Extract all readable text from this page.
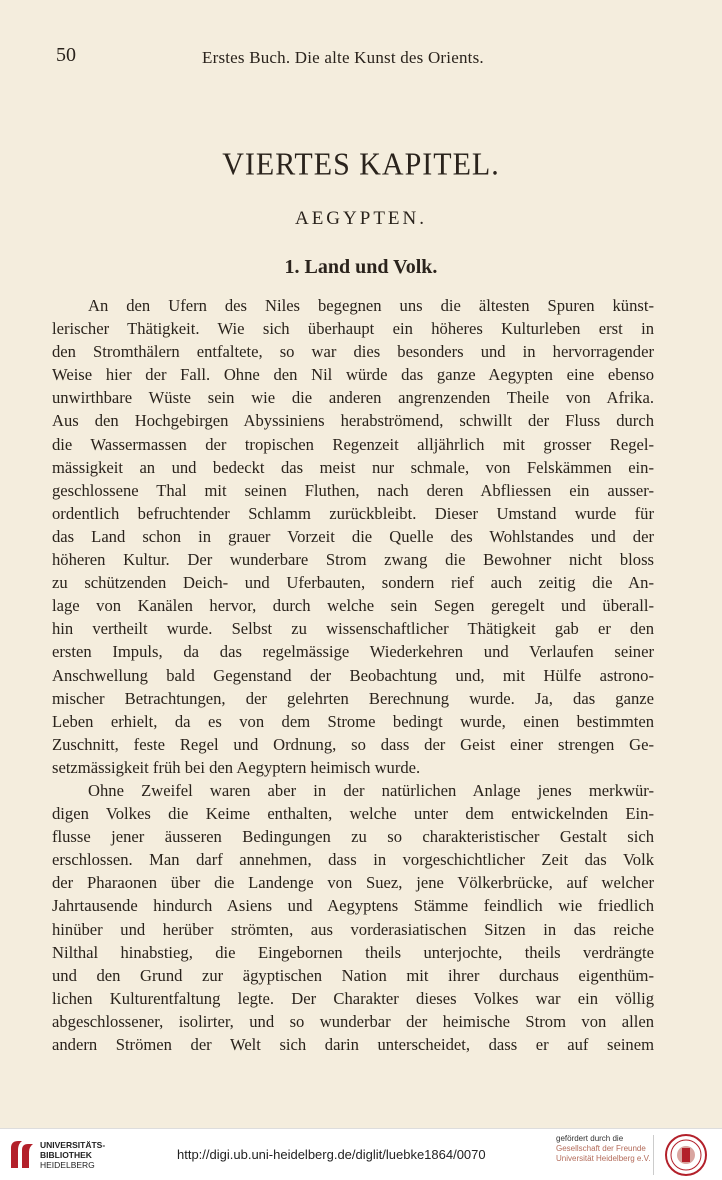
50	Erstes Buch. Die alte Kunst des Orients.
VIERTES KAPITEL.
AEGYPTEN.
1. Land und Volk.
An den Ufern des Niles begegnen uns die ältesten Spuren künst-
lerischer Thätigkeit. Wie sich überhaupt ein höheres Kulturleben erst in
den Stromthälern entfaltete, so war dies besonders und in hervorragender
Weise hier der Fall. Ohne den Nil würde das ganze Aegypten eine ebenso
unwirthbare Wüste sein wie die anderen angrenzenden Theile von Afrika.
Aus den Hochgebirgen Abyssiniens herabströmend, schwillt der Fluss durch
die Wassermassen der tropischen Regenzeit alljährlich mit grosser Regel-
mässigkeit an und bedeckt das meist nur schmale, von Felskämmen ein-
geschlossene Thal mit seinen Fluthen, nach deren Abfliessen ein ausser-
ordentlich befruchtender Schlamm zurückbleibt. Dieser Umstand wurde für
das Land schon in grauer Vorzeit die Quelle des Wohlstandes und der
höheren Kultur. Der wunderbare Strom zwang die Bewohner nicht bloss
zu schützenden Deich- und Uferbauten, sondern rief auch zeitig die An-
lage von Kanälen hervor, durch welche sein Segen geregelt und überall-
hin vertheilt wurde. Selbst zu wissenschaftlicher Thätigkeit gab er den
ersten Impuls, da das regelmässige Wiederkehren und Verlaufen seiner
Anschwellung bald Gegenstand der Beobachtung und, mit Hülfe astrono-
mischer Betrachtungen, der gelehrten Berechnung wurde. Ja, das ganze
Leben erhielt, da es von dem Strome bedingt wurde, einen bestimmten
Zuschnitt, feste Regel und Ordnung, so dass der Geist einer strengen Ge-
setzmässigkeit früh bei den Aegyptern heimisch wurde.
Ohne Zweifel waren aber in der natürlichen Anlage jenes merkwür-
digen Volkes die Keime enthalten, welche unter dem entwickelnden Ein-
flusse jener äusseren Bedingungen zu so charakteristischer Gestalt sich
erschlossen. Man darf annehmen, dass in vorgeschichtlicher Zeit das Volk
der Pharaonen über die Landenge von Suez, jene Völkerbrücke, auf welcher
Jahrtausende hindurch Asiens und Aegyptens Stämme feindlich wie friedlich
hinüber und herüber strömten, aus vorderasiatischen Sitzen in das reiche
Nilthal hinabstieg, die Eingebornen theils unterjochte, theils verdrängte
und den Grund zur ägyptischen Nation mit ihrer durchaus eigenthüm-
lichen Kulturentfaltung legte. Der Charakter dieses Volkes war ein völlig
abgeschlossener, isolirter, und so wunderbar der heimische Strom von allen
andern Strömen der Welt sich darin unterscheidet, dass er auf seinem
UNIVERSITÄTS-
BIBLIOTHEK
HEIDELBERG
http://digi.ub.uni-heidelberg.de/diglit/luebke1864/0070
gefördert durch die
Gesellschaft der Freunde
Universität Heidelberg e.V.
